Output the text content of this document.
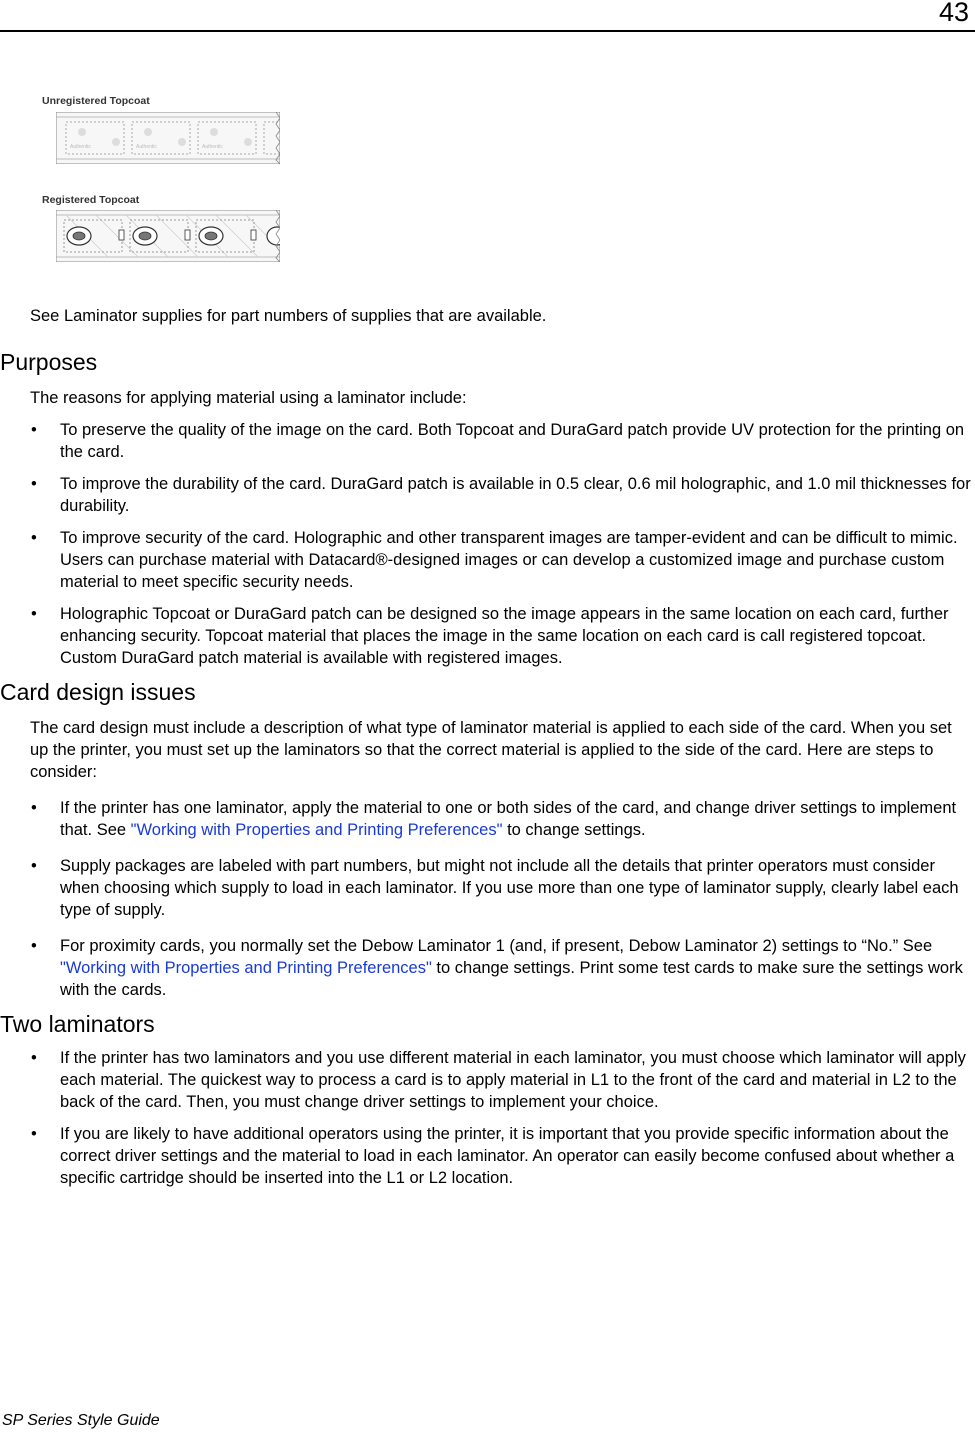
43
Unregistered Topcoat
Authentic	Authentic	Authentic
Registered Topcoat

See Laminator supplies for part numbers of supplies that are available.

Purposes

The reasons for applying material using a laminator include:

• To preserve the quality of the image on the card. Both Topcoat and DuraGard patch provide UV protection for the printing on the card.
• To improve the durability of the card. DuraGard patch is available in 0.5 clear, 0.6 mil holographic, and 1.0 mil thicknesses for durability.
• To improve security of the card. Holographic and other transparent images are tamper-evident and can be difficult to mimic. Users can purchase material with Datacard®-designed images or can develop a customized image and purchase custom material to meet specific security needs.
• Holographic Topcoat or DuraGard patch can be designed so the image appears in the same location on each card, further enhancing security. Topcoat material that places the image in the same location on each card is call registered topcoat. Custom DuraGard patch material is available with registered images.
Card design issues

The card design must include a description of what type of laminator material is applied to each side of the card. When you set up the printer, you must set up the laminators so that the correct material is applied to the side of the card. Here are steps to consider:

• If the printer has one laminator, apply the material to one or both sides of the card, and change driver settings to implement that. See "Working with Properties and Printing Preferences" to change settings.
• Supply packages are labeled with part numbers, but might not include all the details that printer operators must consider when choosing which supply to load in each laminator. If you use more than one type of laminator supply, clearly label each type of supply.
• For proximity cards, you normally set the Debow Laminator 1 (and, if present, Debow Laminator 2) settings to “No.” See "Working with Properties and Printing Preferences" to change settings. Print some test cards to make sure the settings work with the cards.
Two laminators
• If the printer has two laminators and you use different material in each laminator, you must choose which laminator will apply each material. The quickest way to process a card is to apply material in L1 to the front of the card and material in L2 to the back of the card. Then, you must change driver settings to implement your choice.
• If you are likely to have additional operators using the printer, it is important that you provide specific information about the correct driver settings and the material to load in each laminator. An operator can easily become confused about whether a specific cartridge should be inserted into the L1 or L2 location.
SP Series Style Guide
